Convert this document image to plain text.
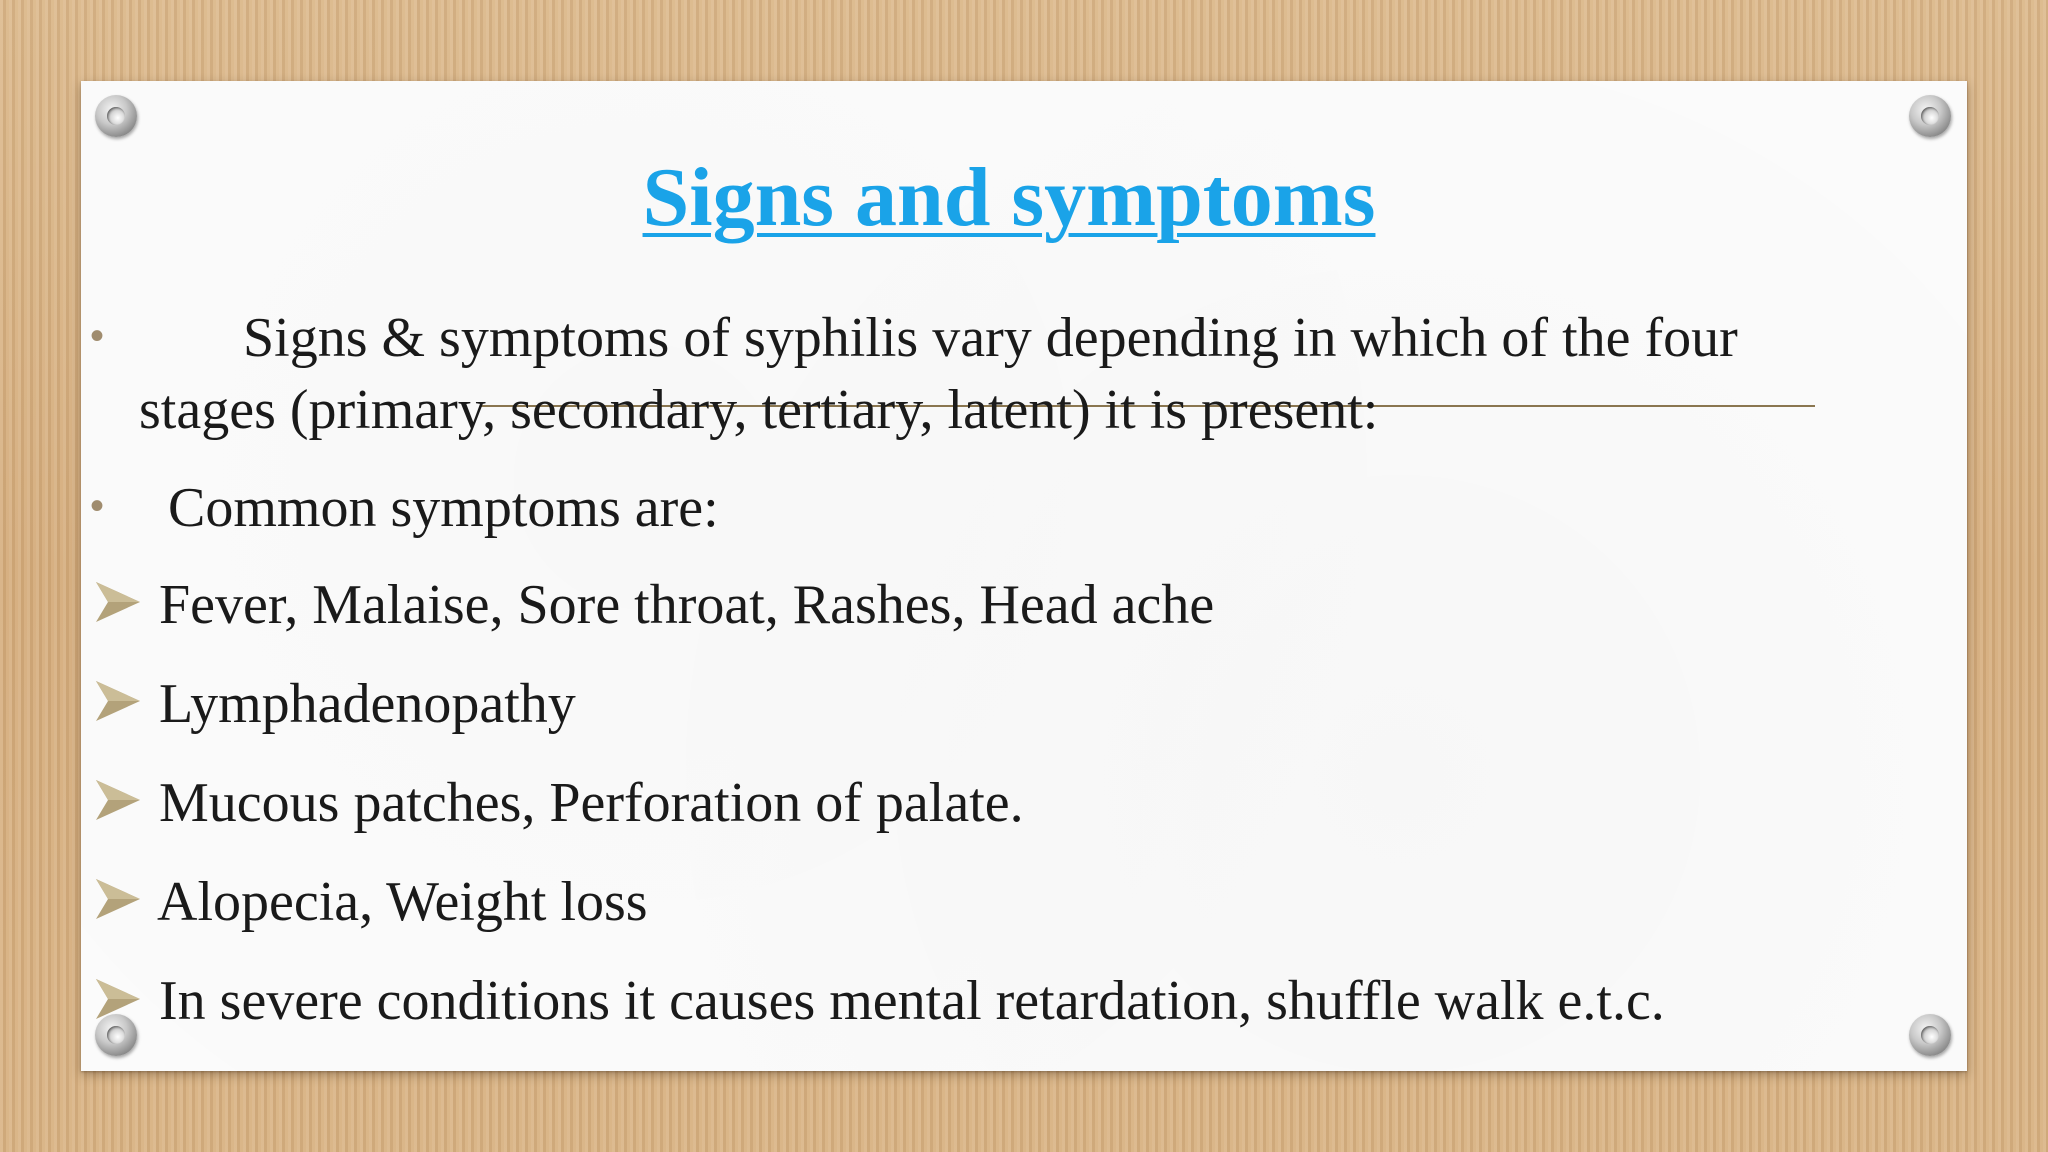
Signs and symptoms
• Signs & symptoms of syphilis vary depending in which of the four
stages (primary, secondary, tertiary, latent) it is present:
• Common symptoms are:
Fever, Malaise, Sore throat, Rashes, Head ache
Lymphadenopathy
Mucous patches, Perforation of palate.
Alopecia, Weight loss
In severe conditions it causes mental retardation, shuffle walk e.t.c.
